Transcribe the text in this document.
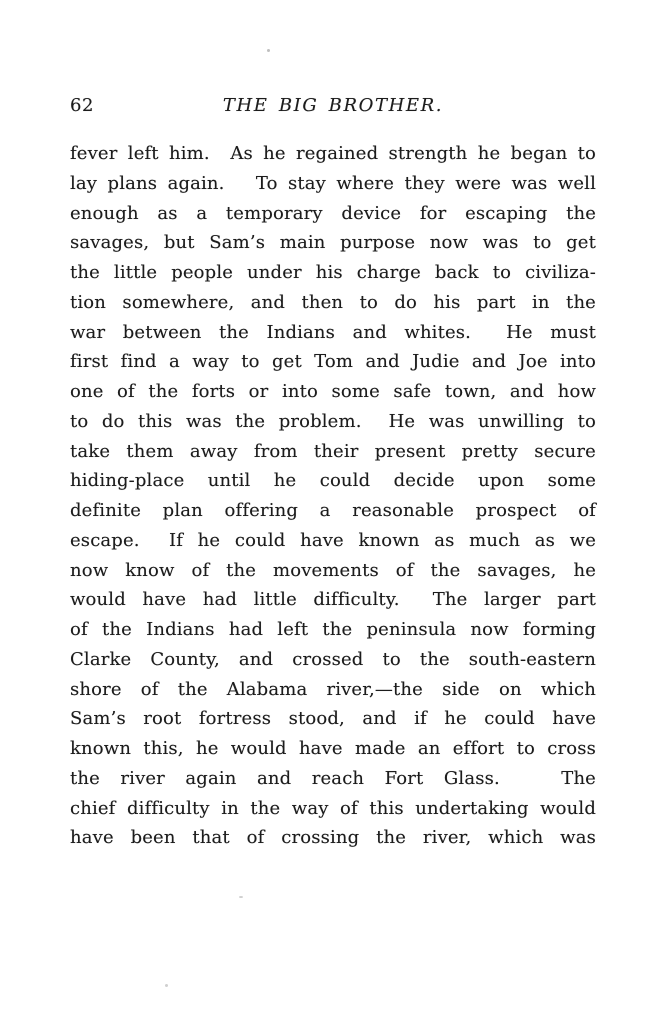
62	THE BIG BROTHER.
fever left him.  As he regained strength he began to
lay plans again.   To stay where they were was well
enough as a temporary device for escaping the
savages, but Sam’s main purpose now was to get
the little people under his charge back to civiliza-
tion somewhere, and then to do his part in the
war between the Indians and whites.  He must
first find a way to get Tom and Judie and Joe into
one of the forts or into some safe town, and how
to do this was the problem.  He was unwilling to
take them away from their present pretty secure
hiding-place until he could decide upon some
definite plan offering a reasonable prospect of
escape.  If he could have known as much as we
now know of the movements of the savages, he
would have had little difficulty.  The larger part
of the Indians had left the peninsula now forming
Clarke County, and crossed to the south-eastern
shore of the Alabama river,—the side on which
Sam’s root fortress stood, and if he could have
known this, he would have made an effort to cross
the river again and reach Fort Glass.   The
chief difficulty in the way of this undertaking would
have been that of crossing the river, which was
